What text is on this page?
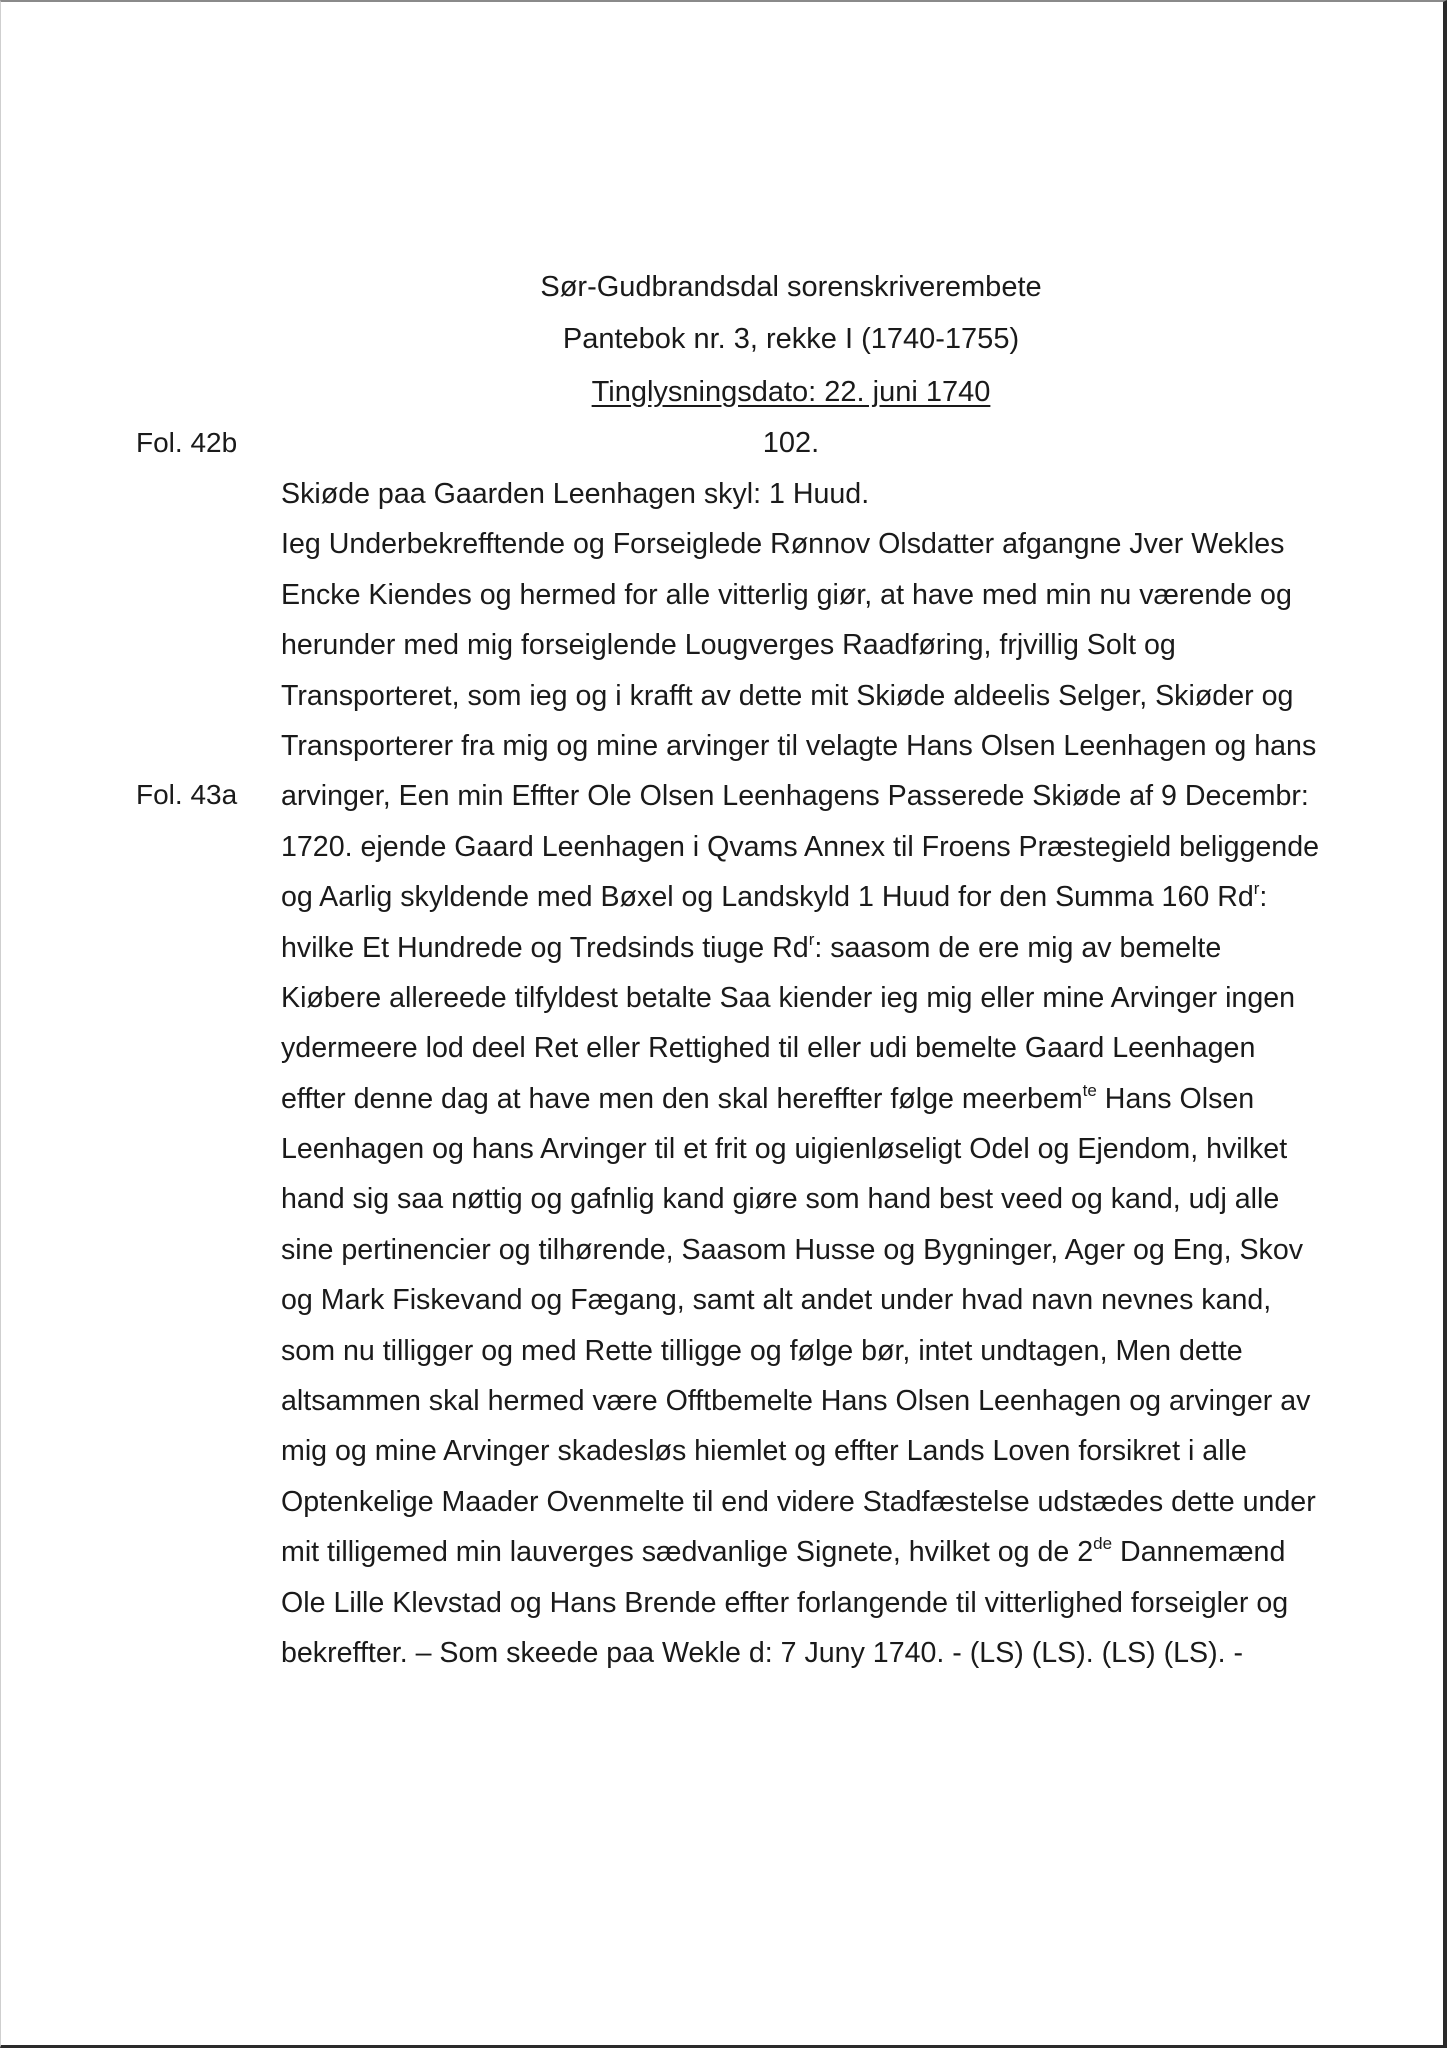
Sør-Gudbrandsdal sorenskriverembete
Pantebok nr. 3, rekke I (1740-1755)
Tinglysningsdato: 22. juni 1740
102.
Fol. 42b
Fol. 43a
Skiøde paa Gaarden Leenhagen skyl: 1 Huud.
Ieg Underbekrefftende og Forseiglede Rønnov Olsdatter afgangne Jver Wekles
Encke Kiendes og hermed for alle vitterlig giør, at have med min nu værende og
herunder med mig forseiglende Lougverges Raadføring, frjvillig Solt og
Transporteret, som ieg og i krafft av dette mit Skiøde aldeelis Selger, Skiøder og
Transporterer fra mig og mine arvinger til velagte Hans Olsen Leenhagen og hans
arvinger, Een min Effter Ole Olsen Leenhagens Passerede Skiøde af 9 Decembr:
1720. ejende Gaard Leenhagen i Qvams Annex til Froens Præstegield beliggende
og Aarlig skyldende med Bøxel og Landskyld 1 Huud for den Summa 160 Rd$^r$:
hvilke Et Hundrede og Tredsinds tiuge Rd$^r$: saasom de ere mig av bemelte
Kiøbere allereede tilfyldest betalte Saa kiender ieg mig eller mine Arvinger ingen
ydermeere lod deel Ret eller Rettighed til eller udi bemelte Gaard Leenhagen
effter denne dag at have men den skal hereffter følge meerbem$^{te}$ Hans Olsen
Leenhagen og hans Arvinger til et frit og uigienløseligt Odel og Ejendom, hvilket
hand sig saa nøttig og gafnlig kand giøre som hand best veed og kand, udj alle
sine pertinencier og tilhørende, Saasom Husse og Bygninger, Ager og Eng, Skov
og Mark Fiskevand og Fægang, samt alt andet under hvad navn nevnes kand,
som nu tilligger og med Rette tilligge og følge bør, intet undtagen, Men dette
altsammen skal hermed være Offtbemelte Hans Olsen Leenhagen og arvinger av
mig og mine Arvinger skadesløs hiemlet og effter Lands Loven forsikret i alle
Optenkelige Maader Ovenmelte til end videre Stadfæstelse udstædes dette under
mit tilligemed min lauverges sædvanlige Signete, hvilket og de 2de Dannemænd
Ole Lille Klevstad og Hans Brende effter forlangende til vitterlighed forseigler og
bekreffter. – Som skeede paa Wekle d: 7 Juny 1740. - (LS) (LS). (LS) (LS). -
